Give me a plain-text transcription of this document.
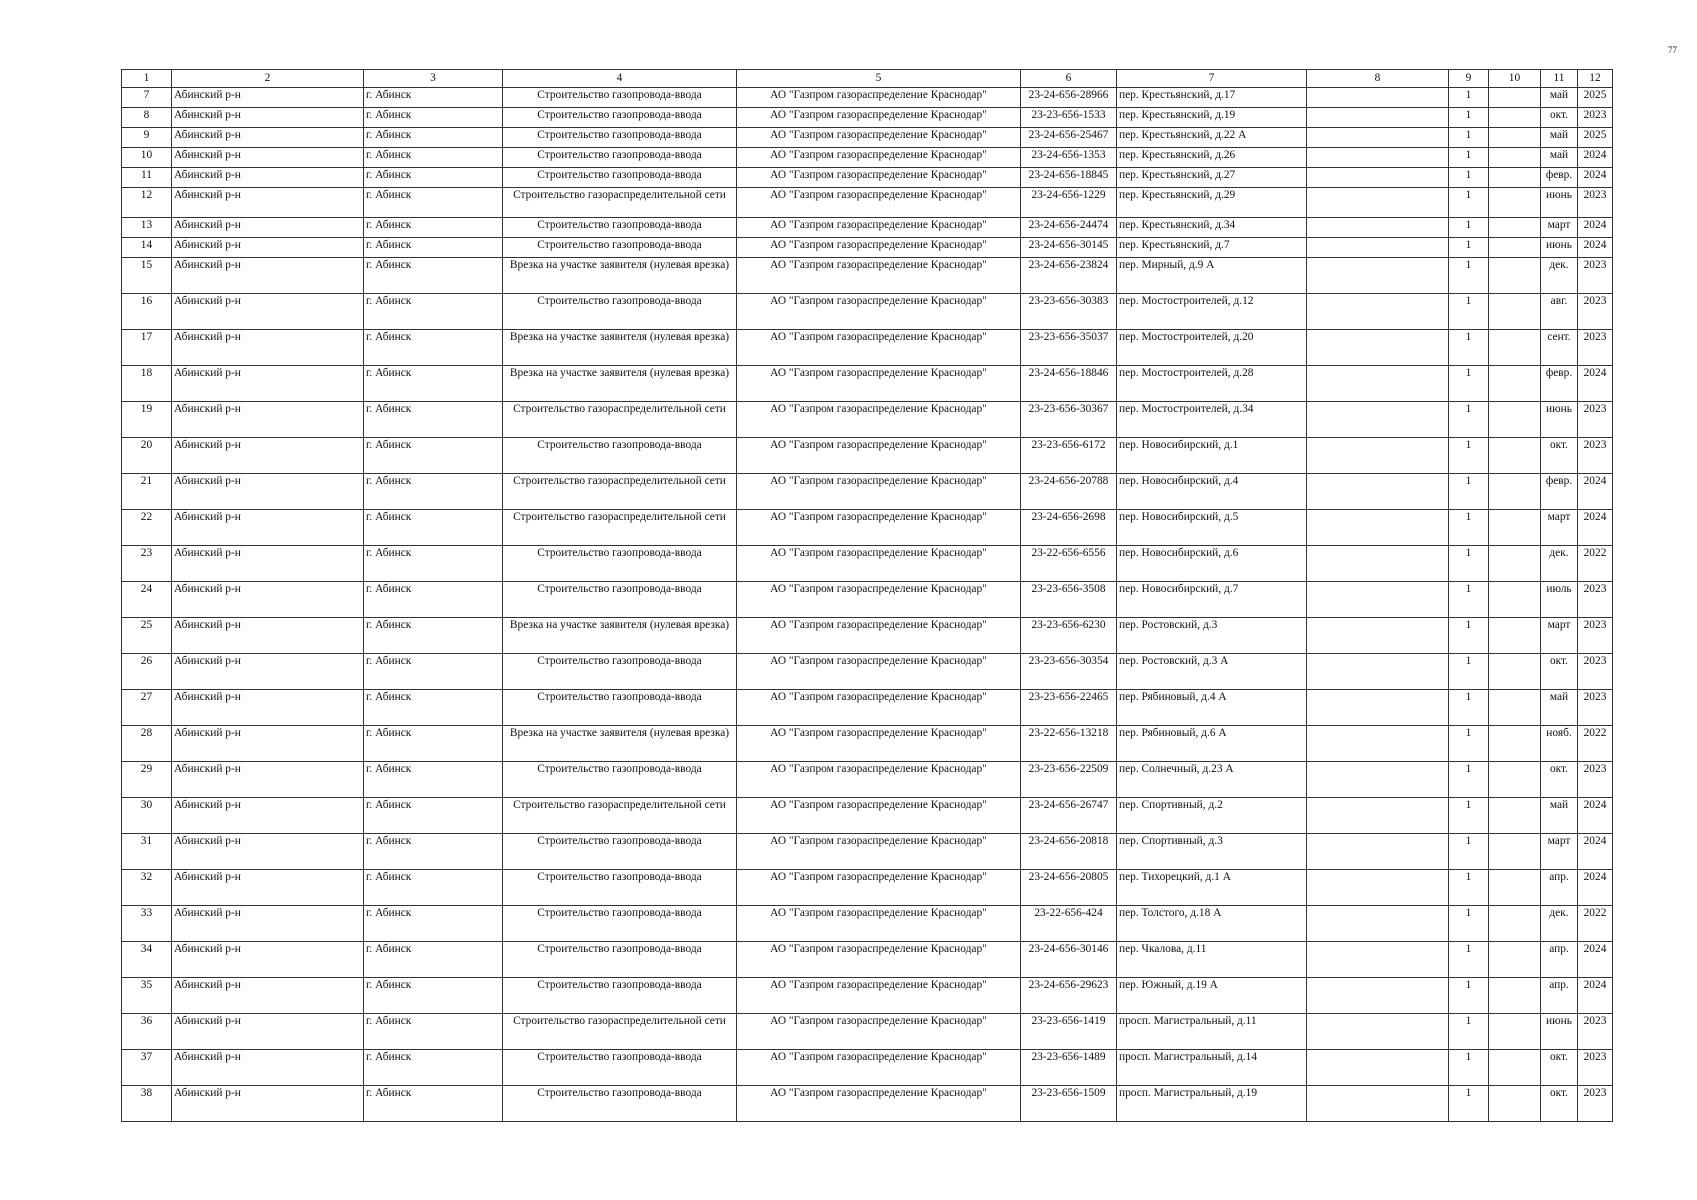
77
1	2	3	4	5	6	7	8	9	10	11	12
7	Абинский р-н	г. Абинск	Строительство газопровода-ввода	АО "Газпром газораспределение Краснодар"	23-24-656-28966	пер. Крестьянский, д.17		1		май	2025
8	Абинский р-н	г. Абинск	Строительство газопровода-ввода	АО "Газпром газораспределение Краснодар"	23-23-656-1533	пер. Крестьянский, д.19		1		окт.	2023
9	Абинский р-н	г. Абинск	Строительство газопровода-ввода	АО "Газпром газораспределение Краснодар"	23-24-656-25467	пер. Крестьянский, д.22 А		1		май	2025
10	Абинский р-н	г. Абинск	Строительство газопровода-ввода	АО "Газпром газораспределение Краснодар"	23-24-656-1353	пер. Крестьянский, д.26		1		май	2024
11	Абинский р-н	г. Абинск	Строительство газопровода-ввода	АО "Газпром газораспределение Краснодар"	23-24-656-18845	пер. Крестьянский, д.27		1		февр.	2024
12	Абинский р-н	г. Абинск	Строительство газораспределительной сети	АО "Газпром газораспределение Краснодар"	23-24-656-1229	пер. Крестьянский, д.29		1		июнь	2023
13	Абинский р-н	г. Абинск	Строительство газопровода-ввода	АО "Газпром газораспределение Краснодар"	23-24-656-24474	пер. Крестьянский, д.34		1		март	2024
14	Абинский р-н	г. Абинск	Строительство газопровода-ввода	АО "Газпром газораспределение Краснодар"	23-24-656-30145	пер. Крестьянский, д.7		1		июнь	2024
15	Абинский р-н	г. Абинск	Врезка на участке заявителя (нулевая врезка)	АО "Газпром газораспределение Краснодар"	23-24-656-23824	пер. Мирный, д.9 А		1		дек.	2023
16	Абинский р-н	г. Абинск	Строительство газопровода-ввода	АО "Газпром газораспределение Краснодар"	23-23-656-30383	пер. Мостостроителей, д.12		1		авг.	2023
17	Абинский р-н	г. Абинск	Врезка на участке заявителя (нулевая врезка)	АО "Газпром газораспределение Краснодар"	23-23-656-35037	пер. Мостостроителей, д.20		1		сент.	2023
18	Абинский р-н	г. Абинск	Врезка на участке заявителя (нулевая врезка)	АО "Газпром газораспределение Краснодар"	23-24-656-18846	пер. Мостостроителей, д.28		1		февр.	2024
19	Абинский р-н	г. Абинск	Строительство газораспределительной сети	АО "Газпром газораспределение Краснодар"	23-23-656-30367	пер. Мостостроителей, д.34		1		июнь	2023
20	Абинский р-н	г. Абинск	Строительство газопровода-ввода	АО "Газпром газораспределение Краснодар"	23-23-656-6172	пер. Новосибирский, д.1		1		окт.	2023
21	Абинский р-н	г. Абинск	Строительство газораспределительной сети	АО "Газпром газораспределение Краснодар"	23-24-656-20788	пер. Новосибирский, д.4		1		февр.	2024
22	Абинский р-н	г. Абинск	Строительство газораспределительной сети	АО "Газпром газораспределение Краснодар"	23-24-656-2698	пер. Новосибирский, д.5		1		март	2024
23	Абинский р-н	г. Абинск	Строительство газопровода-ввода	АО "Газпром газораспределение Краснодар"	23-22-656-6556	пер. Новосибирский, д.6		1		дек.	2022
24	Абинский р-н	г. Абинск	Строительство газопровода-ввода	АО "Газпром газораспределение Краснодар"	23-23-656-3508	пер. Новосибирский, д.7		1		июль	2023
25	Абинский р-н	г. Абинск	Врезка на участке заявителя (нулевая врезка)	АО "Газпром газораспределение Краснодар"	23-23-656-6230	пер. Ростовский, д.3		1		март	2023
26	Абинский р-н	г. Абинск	Строительство газопровода-ввода	АО "Газпром газораспределение Краснодар"	23-23-656-30354	пер. Ростовский, д.3 А		1		окт.	2023
27	Абинский р-н	г. Абинск	Строительство газопровода-ввода	АО "Газпром газораспределение Краснодар"	23-23-656-22465	пер. Рябиновый, д.4 А		1		май	2023
28	Абинский р-н	г. Абинск	Врезка на участке заявителя (нулевая врезка)	АО "Газпром газораспределение Краснодар"	23-22-656-13218	пер. Рябиновый, д.6 А		1		нояб.	2022
29	Абинский р-н	г. Абинск	Строительство газопровода-ввода	АО "Газпром газораспределение Краснодар"	23-23-656-22509	пер. Солнечный, д.23 А		1		окт.	2023
30	Абинский р-н	г. Абинск	Строительство газораспределительной сети	АО "Газпром газораспределение Краснодар"	23-24-656-26747	пер. Спортивный, д.2		1		май	2024
31	Абинский р-н	г. Абинск	Строительство газопровода-ввода	АО "Газпром газораспределение Краснодар"	23-24-656-20818	пер. Спортивный, д.3		1		март	2024
32	Абинский р-н	г. Абинск	Строительство газопровода-ввода	АО "Газпром газораспределение Краснодар"	23-24-656-20805	пер. Тихорецкий, д.1 А		1		апр.	2024
33	Абинский р-н	г. Абинск	Строительство газопровода-ввода	АО "Газпром газораспределение Краснодар"	23-22-656-424	пер. Толстого, д.18 А		1		дек.	2022
34	Абинский р-н	г. Абинск	Строительство газопровода-ввода	АО "Газпром газораспределение Краснодар"	23-24-656-30146	пер. Чкалова, д.11		1		апр.	2024
35	Абинский р-н	г. Абинск	Строительство газопровода-ввода	АО "Газпром газораспределение Краснодар"	23-24-656-29623	пер. Южный, д.19 А		1		апр.	2024
36	Абинский р-н	г. Абинск	Строительство газораспределительной сети	АО "Газпром газораспределение Краснодар"	23-23-656-1419	просп. Магистральный, д.11		1		июнь	2023
37	Абинский р-н	г. Абинск	Строительство газопровода-ввода	АО "Газпром газораспределение Краснодар"	23-23-656-1489	просп. Магистральный, д.14		1		окт.	2023
38	Абинский р-н	г. Абинск	Строительство газопровода-ввода	АО "Газпром газораспределение Краснодар"	23-23-656-1509	просп. Магистральный, д.19		1		окт.	2023
